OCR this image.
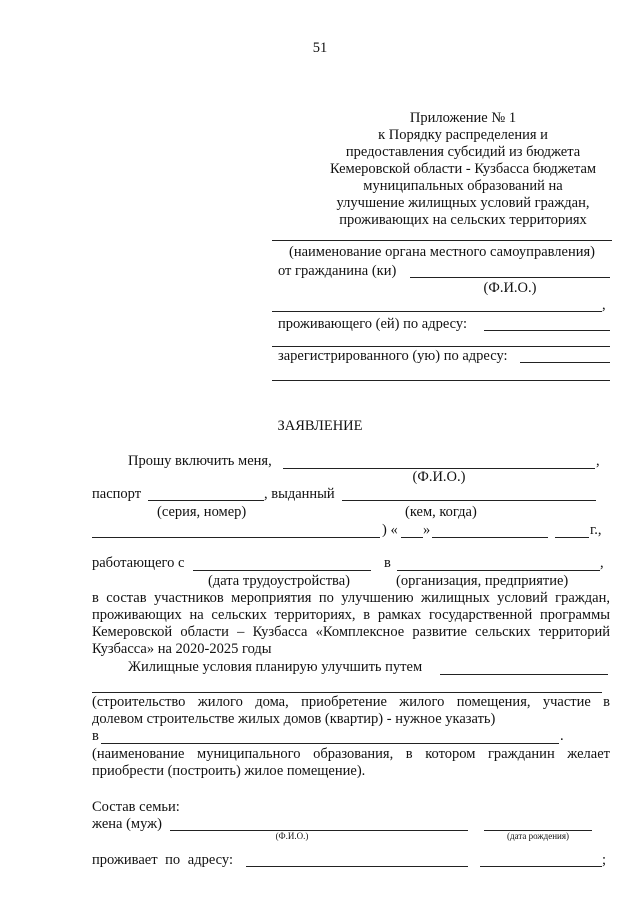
51
Приложение № 1
к Порядку распределения и
предоставления субсидий из бюджета
Кемеровской области - Кузбасса бюджетам
муниципальных образований на
улучшение жилищных условий граждан,
проживающих на сельских территориях
(наименование органа местного самоуправления)
от гражданина (ки)
(Ф.И.О.)
,
проживающего (ей) по адресу:
зарегистрированного (ую) по адресу:
ЗАЯВЛЕНИЕ
Прошу включить меня,	,
(Ф.И.О.)
паспорт	, выданный
(серия, номер)	(кем, когда)
) « »	г.,
работающего с	в	,
(дата трудоустройства)	(организация, предприятие)
в состав участников мероприятия по улучшению жилищных условий граждан,
проживающих на сельских территориях, в рамках государственной программы
Кемеровской области – Кузбасса «Комплексное развитие сельских территорий
Кузбасса» на 2020-2025 годы
Жилищные условия планирую улучшить путем
(строительство жилого дома, приобретение жилого помещения, участие в
долевом строительстве жилых домов (квартир) - нужное указать)
в	.
(наименование муниципального образования, в котором гражданин желает
приобрести (построить) жилое помещение).
Состав семьи:
жена (муж)
(Ф.И.О.)	(дата рождения)
проживает по адресу:	;
